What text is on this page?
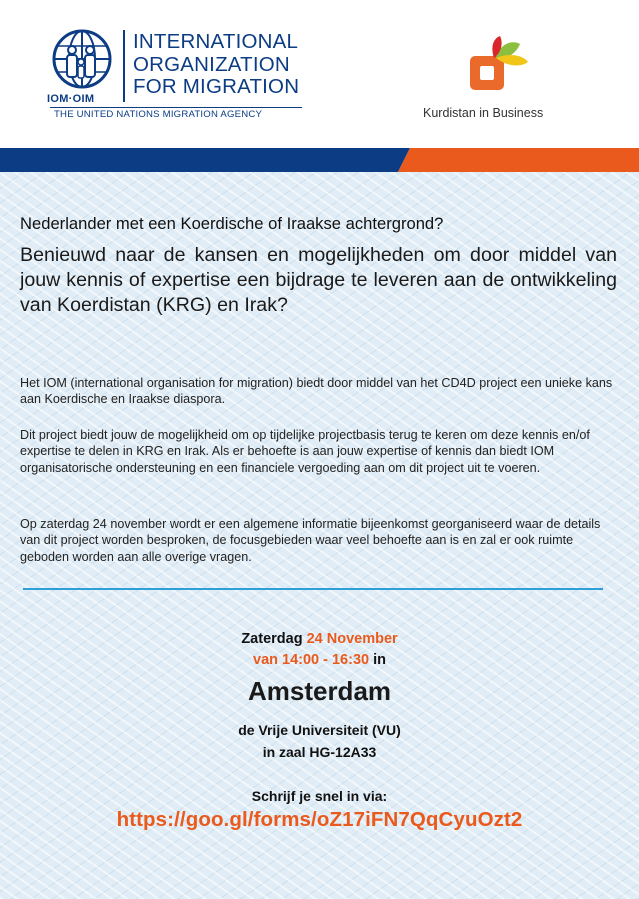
IOM·OIM
INTERNATIONAL
ORGANIZATION
FOR MIGRATION
THE UNITED NATIONS MIGRATION AGENCY	Kurdistan in Business
Nederlander met een Koerdische of Iraakse achtergrond?
Benieuwd naar de kansen en mogelijkheden om door middel van jouw kennis of expertise een bijdrage te leveren aan de ontwikkeling van Koerdistan (KRG) en Irak?
Het IOM (international organisation for migration) biedt door middel van het CD4D project een unieke kans aan Koerdische en Iraakse diaspora.
Dit project biedt jouw de mogelijkheid om op tijdelijke projectbasis terug te keren om deze kennis en/of expertise te delen in KRG en Irak. Als er behoefte is aan jouw expertise of kennis dan biedt IOM organisatorische ondersteuning en een financiele vergoeding aan om dit project uit te voeren.
Op zaterdag 24 november wordt er een algemene informatie bijeenkomst georganiseerd waar de details van dit project worden besproken, de focusgebieden waar veel behoefte aan is en zal er ook ruimte geboden worden aan alle overige vragen.
Zaterdag 24 November
van 14:00 - 16:30 in
Amsterdam
de Vrije Universiteit (VU)
in zaal HG-12A33
Schrijf je snel in via:
https://goo.gl/forms/oZ17iFN7QqCyuOzt2
